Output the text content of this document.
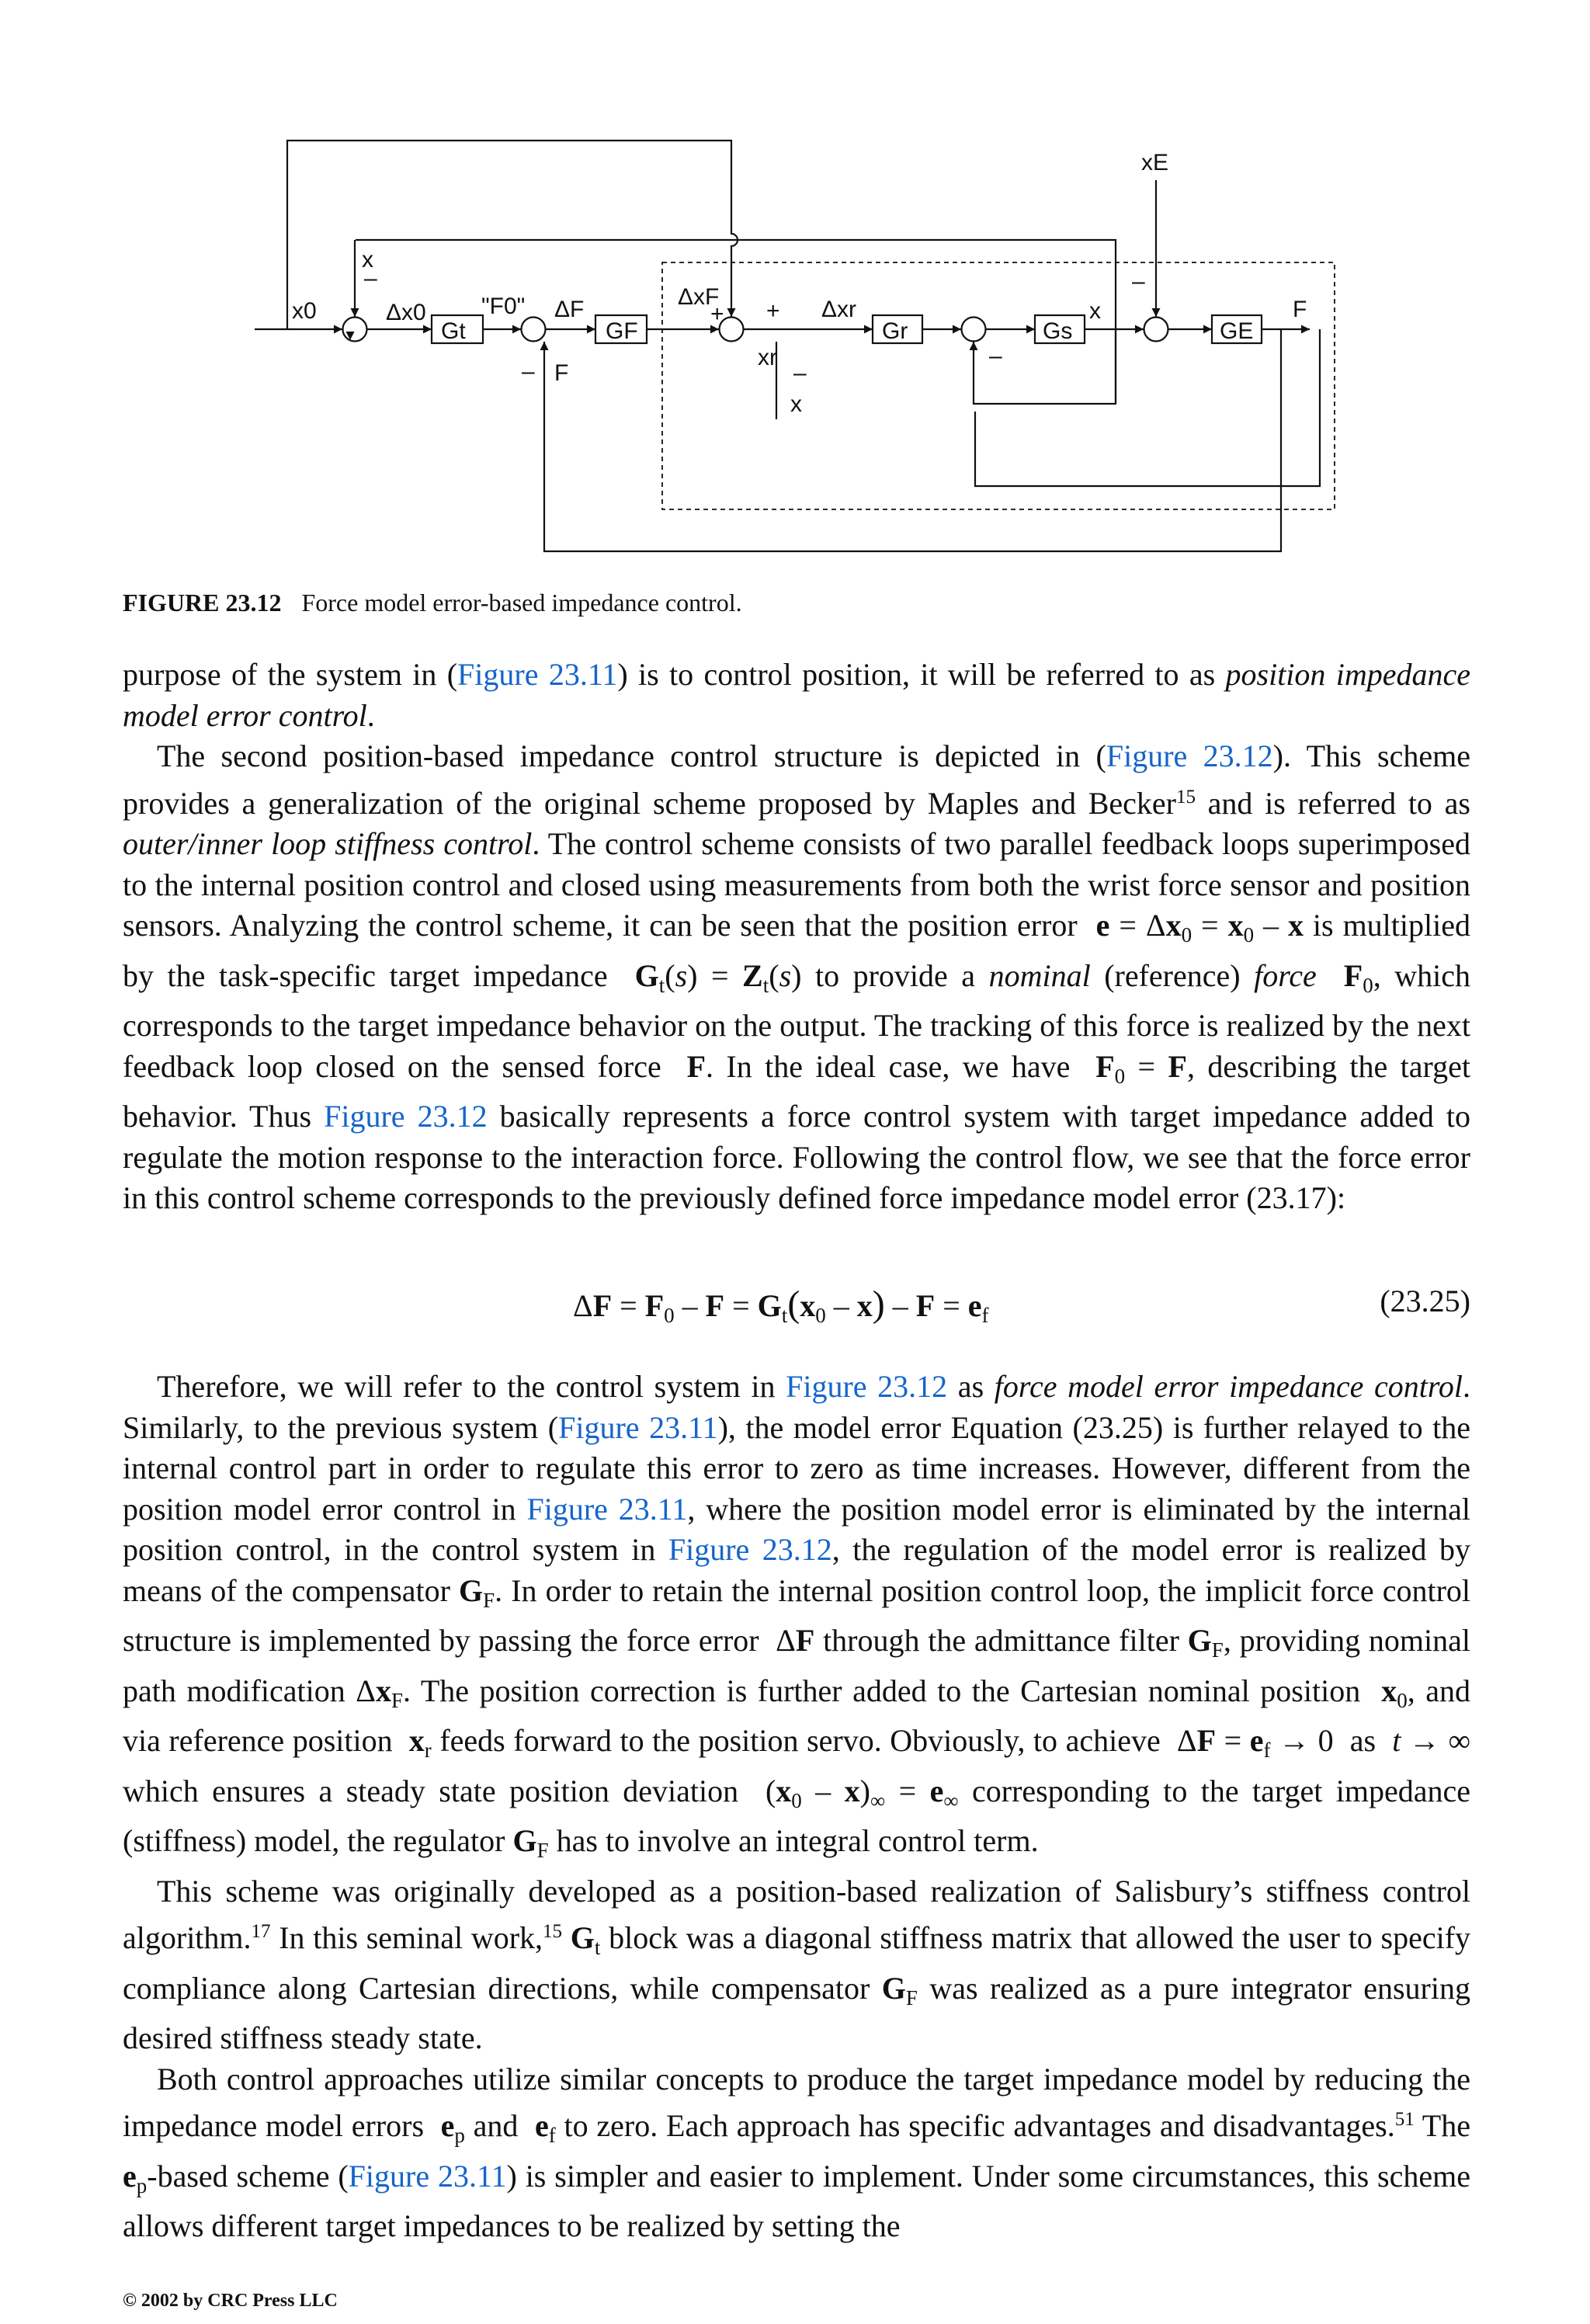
xE
x
–
x0	Δx0 "F0" ΔF	ΔxF
+ + Δxr	x	F
– F
xr
–
x
–
–
Gt	GF	Gr	Gs	GE
FIGURE 23.12 Force model error-based impedance control.

purpose of the system in (Figure 23.11) is to control position, it will be referred to as position impedance model error control.

The second position-based impedance control structure is depicted in (Figure 23.12). This scheme provides a generalization of the original scheme proposed by Maples and Becker$^{15}$ and is referred to as outer/inner loop stiffness control. The control scheme consists of two parallel feedback loops superimposed to the internal position control and closed using measurements from both the wrist force sensor and position sensors. Analyzing the control scheme, it can be seen that the position error  $e = \Delta x_0 = x_0 - x$ is multiplied by the task-specific target impedance  $G_t(s) = Z_t(s)$ to provide a nominal (reference) force $F_0$, which corresponds to the target impedance behavior on the output. The tracking of this force is realized by the next feedback loop closed on the sensed force  F. In the ideal case, we have  $F_0 = F$, describing the target behavior. Thus Figure 23.12 basically represents a force control system with target impedance added to regulate the motion response to the interaction force. Following the control flow, we see that the force error in this control scheme corresponds to the previously defined force impedance model error (23.17):

$\Delta F = F_0 - F = G_t(x_0 - x) - F = e_f$	(23.25)

Therefore, we will refer to the control system in Figure 23.12 as force model error impedance control. Similarly, to the previous system (Figure 23.11), the model error Equation (23.25) is further relayed to the internal control part in order to regulate this error to zero as time increases. However, different from the position model error control in Figure 23.11, where the position model error is eliminated by the internal position control, in the control system in Figure 23.12, the regulation of the model error is realized by means of the compensator $G_F$. In order to retain the internal position control loop, the implicit force control structure is implemented by passing the force error  ΔF through the admittance filter $G_F$, providing nominal path modification $\Delta x_F$. The position correction is further added to the Cartesian nominal position  $x_0$, and via reference position  $x_r$ feeds forward to the position servo. Obviously, to achieve  $\Delta F = e_f \to 0$  as  t → ∞ which ensures a steady state position deviation  $(x_0 - x)_\infty = e_\infty$ corresponding to the target impedance (stiffness) model, the regulator $G_F$ has to involve an integral control term.

This scheme was originally developed as a position-based realization of Salisbury’s stiffness control algorithm.$^{17}$ In this seminal work,$^{15}$ $G_t$ block was a diagonal stiffness matrix that allowed the user to specify compliance along Cartesian directions, while compensator $G_F$ was realized as a pure integrator ensuring desired stiffness steady state.

Both control approaches utilize similar concepts to produce the target impedance model by reducing the impedance model errors  $e_p$ and  $e_f$ to zero. Each approach has specific advantages and disadvantages.$^{51}$ The $e_p$-based scheme (Figure 23.11) is simpler and easier to implement. Under some circumstances, this scheme allows different target impedances to be realized by setting the

© 2002 by CRC Press LLC
